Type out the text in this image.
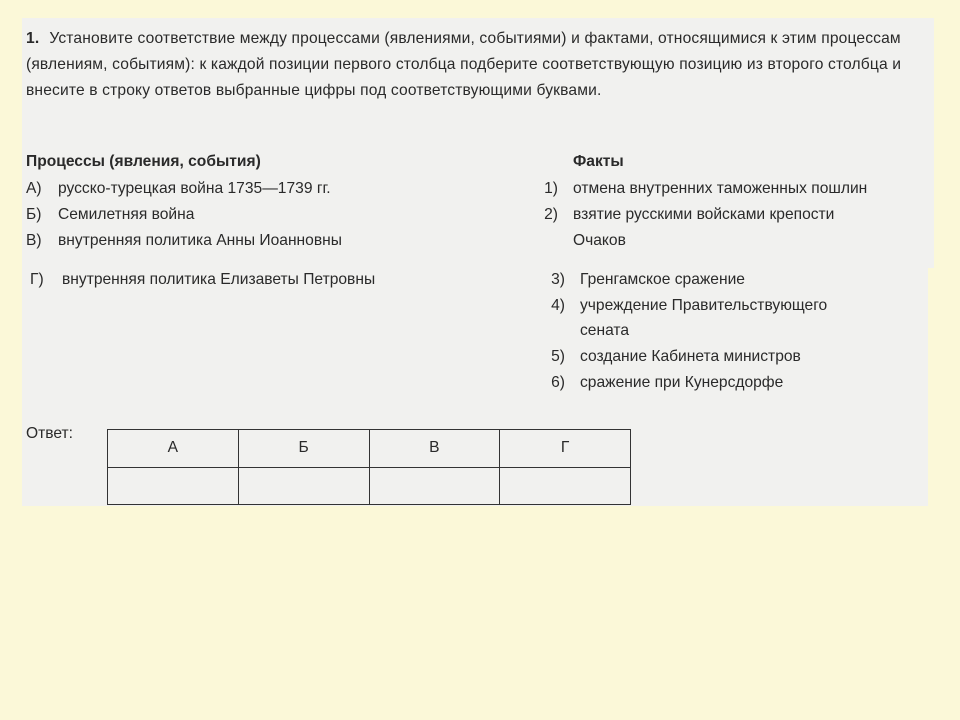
1. Установите соответствие между процессами (явлениями, событиями) и фактами, относящимися к этим процессам (явлениям, событиям): к каждой позиции первого столбца подберите соответствующую позицию из второго столбца и внесите в строку ответов выбранные цифры под соответствующими буквами.
Процессы (явления, события)	Факты
А) русско-турецкая война 1735—1739 гг.
Б) Семилетняя война
В) внутренняя политика Анны Иоанновны
Г) внутренняя политика Елизаветы Петровны
1) отмена внутренних таможенных пошлин
2) взятие русскими войсками крепости
Очаков
3) Гренгамское сражение
4) учреждение Правительствующего
сената
5) создание Кабинета министров
6) сражение при Кунерсдорфе
Ответ:
А	Б	В	Г
